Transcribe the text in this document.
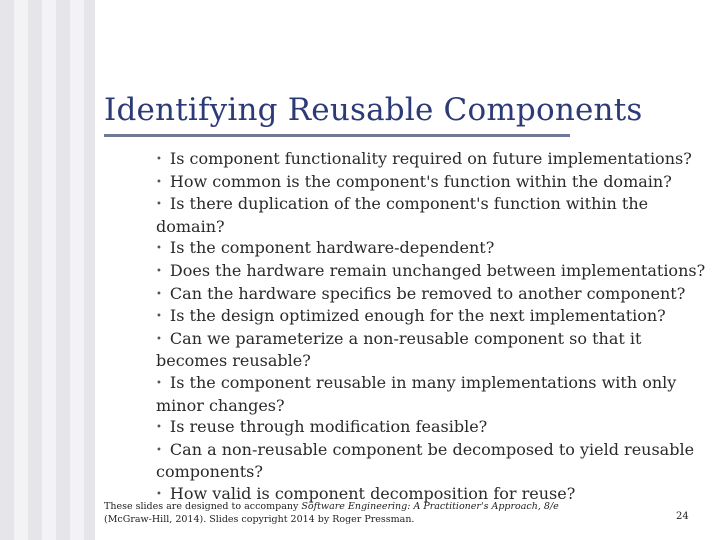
Identifying Reusable Components

• Is component functionality required on future implementations?

• How common is the component's function within the domain?

• Is there duplication of the component's function within the domain?

• Is the component hardware-dependent?

• Does the hardware remain unchanged between implementations?

• Can the hardware specifics be removed to another component?

• Is the design optimized enough for the next implementation?

• Can we parameterize a non-reusable component so that it becomes reusable?

• Is the component reusable in many implementations with only minor changes?

• Is reuse through modification feasible?

• Can a non-reusable component be decomposed to yield reusable components?

• How valid is component decomposition for reuse?

These slides are designed to accompany Software Engineering: A Practitioner's Approach, 8/e (McGraw-Hill, 2014). Slides copyright 2014 by Roger Pressman.	24
